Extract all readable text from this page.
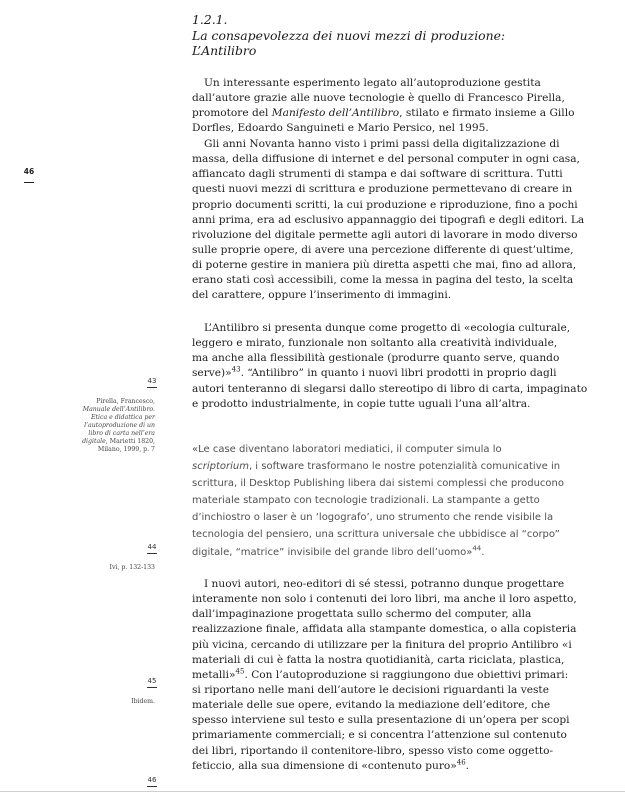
1.2.1.
La consapevolezza dei nuovi mezzi di produzione:
L’Antilibro
46
Un interessante esperimento legato all’autoproduzione gestita
dall’autore grazie alle nuove tecnologie è quello di Francesco Pirella,
promotore del Manifesto dell’Antilibro, stilato e firmato insieme a Gillo
Dorfles, Edoardo Sanguineti e Mario Persico, nel 1995.
Gli anni Novanta hanno visto i primi passi della digitalizzazione di
massa, della diffusione di internet e del personal computer in ogni casa,
affiancato dagli strumenti di stampa e dai software di scrittura. Tutti
questi nuovi mezzi di scrittura e produzione permettevano di creare in
proprio documenti scritti, la cui produzione e riproduzione, fino a pochi
anni prima, era ad esclusivo appannaggio dei tipografi e degli editori. La
rivoluzione del digitale permette agli autori di lavorare in modo diverso
sulle proprie opere, di avere una percezione differente di quest’ultime,
di poterne gestire in maniera più diretta aspetti che mai, fino ad allora,
erano stati così accessibili, come la messa in pagina del testo, la scelta
del carattere, oppure l’inserimento di immagini.
L’Antilibro si presenta dunque come progetto di «ecologia culturale,
leggero e mirato, funzionale non soltanto alla creatività individuale,
ma anche alla flessibilità gestionale (produrre quanto serve, quando
serve)»$^{43}$. “Antilibro” in quanto i nuovi libri prodotti in proprio dagli
autori tenteranno di slegarsi dallo stereotipo di libro di carta, impaginato
e prodotto industrialmente, in copie tutte uguali l’una all’altra.
«Le case diventano laboratori mediatici, il computer simula lo
scriptorium, i software trasformano le nostre potenzialità comunicative in
scrittura, il Desktop Publishing libera dai sistemi complessi che producono
materiale stampato con tecnologie tradizionali. La stampante a getto
d’inchiostro o laser è un ‘logografo’, uno strumento che rende visibile la
tecnologia del pensiero, una scrittura universale che ubbidisce al “corpo”
digitale, “matrice” invisibile del grande libro dell’uomo»$^{44}$.
I nuovi autori, neo-editori di sé stessi, potranno dunque progettare
interamente non solo i contenuti dei loro libri, ma anche il loro aspetto,
dall’impaginazione progettata sullo schermo del computer, alla
realizzazione finale, affidata alla stampante domestica, o alla copisteria
più vicina, cercando di utilizzare per la finitura del proprio Antilibro «i
materiali di cui è fatta la nostra quotidianità, carta riciclata, plastica,
metalli»$^{45}$. Con l’autoproduzione si raggiungono due obiettivi primari:
si riportano nelle mani dell’autore le decisioni riguardanti la veste
materiale delle sue opere, evitando la mediazione dell’editore, che
spesso interviene sul testo e sulla presentazione di un’opera per scopi
primariamente commerciali; e si concentra l’attenzione sul contenuto
dei libri, riportando il contenitore-libro, spesso visto come oggetto-
feticcio, alla sua dimensione di «contenuto puro»$^{46}$.
43
Pirella, Francesco,
Manuale dell’Antilibro.
Etica e didattica per
l’autoproduzione di un
libro di carta nell’era
digitale, Marietti 1820,
Milano, 1999, p. 7
44
Ivi, p. 132-133
45
Ibidem.
46
